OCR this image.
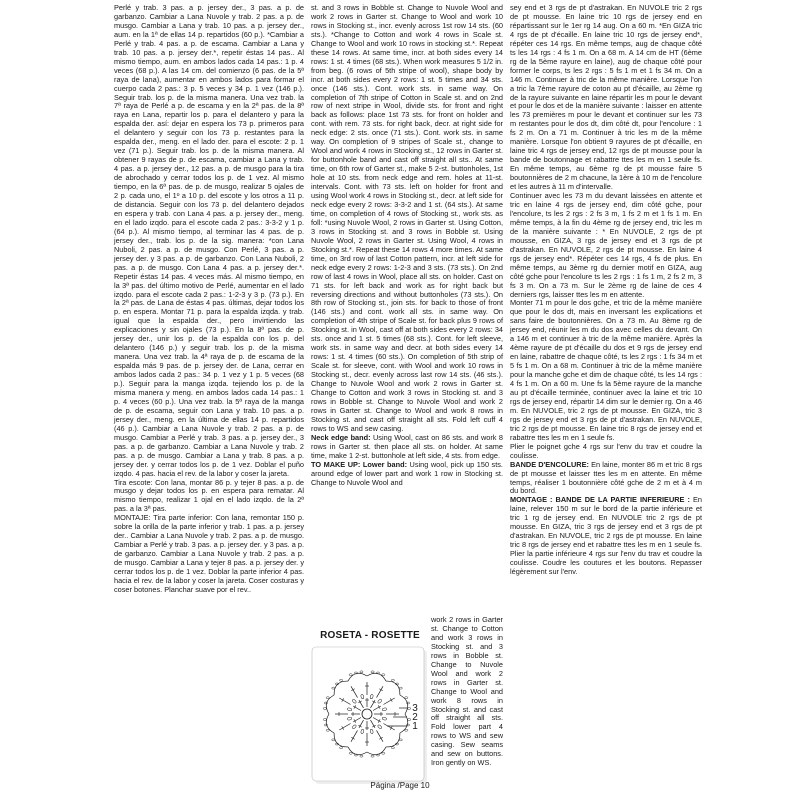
Perlé y trab. 3 pas. a p. jersey der., 3 pas. a p. de garbanzo. Cambiar a Lana Nuvole y trab. 2 pas. a p. de musgo. Cambiar a Lana y trab. 10 pas. a p. jersey der., aum. en la 1ª de ellas 14 p. repartidos (60 p.). *Cambiar a Perlé y trab. 4 pas. a p. de escama. Cambiar a Lana y trab. 10 pas. a p. jersey der.*, repetir éstas 14 pas.. Al mismo tiempo, aum. en ambos lados cada 14 pas.: 1 p. 4 veces (68 p.). A las 14 cm. del comienzo (6 pas. de la 5ª raya de lana), aumentar en ambos lados para formar el cuerpo cada 2 pas.: 3 p. 5 veces y 34 p. 1 vez (146 p.). Seguir trab. los p. de la misma manera. Una vez trab. la 7ª raya de Perlé a p. de escama y en la 2ª pas. de la 8ª raya en Lana, repartir los p. para el delantero y para la espalda der. así: dejar en espera los 73 p. primeros para el delantero y seguir con los 73 p. restantes para la espalda der., meng. en el lado der. para el escote: 2 p. 1 vez (71 p.). Seguir trab. los p. de la misma manera. Al obtener 9 rayas de p. de escama, cambiar a Lana y trab. 4 pas. a p. jersey der., 12 pas. a p. de musgo para la tira de abrochado y cerrar todos los p. de 1 vez. Al mismo tiempo, en la 6ª pas. de p. de musgo, realizar 5 ojales de 2 p. cada uno, el 1º a 10 p. del escote y los otros a 11 p. de distancia. Seguir con los 73 p. del delantero dejados en espera y trab. con Lana 4 pas. a p. jersey der., meng. en el lado izqdo. para el escote cada 2 pas.: 3-3-2 y 1 p. (64 p.). Al mismo tiempo, al terminar las 4 pas. de p. jersey der., trab. los p. de la sig. manera: *con Lana Nuboli, 2 pas. a p. de musgo. Con Perlé, 3 pas. a p. jersey der. y 3 pas. a p. de garbanzo. Con Lana Nuboli, 2 pas. a p. de musgo. Con Lana 4 pas. a p. jersey der.*. Repetir éstas 14 pas. 4 veces más. Al mismo tiempo, en la 3ª pas. del último motivo de Perlé, aumentar en el lado izqdo. para el escote cada 2 pas.: 1-2-3 y 3 p. (73 p.). En la 2ª pas. de Lana de éstas 4 pas. últimas, dejar todos los p. en espera. Montar 71 p. para la espalda izqda. y trab. igual que la espalda der., pero invirtiendo las explicaciones y sin ojales (73 p.). En la 8ª pas. de p. jersey der., unir los p. de la espalda con los p. del delantero (146 p.) y seguir trab. los p. de la misma manera. Una vez trab. la 4ª raya de p. de escama de la espalda más 9 pas. de p. jersey der. de Lana, cerrar en ambos lados cada 2 pas.: 34 p. 1 vez y 1 p. 5 veces (68 p.). Seguir para la manga izqda. tejiendo los p. de la misma manera y meng. en ambos lados cada 14 pas.: 1 p. 4 veces (60 p.). Una vez trab. la 5ª raya de la manga de p. de escama, seguir con Lana y trab. 10 pas. a p. jersey der., meng. en la última de ellas 14 p. repartidos (46 p.). Cambiar a Lana Nuvole y trab. 2 pas. a p. de musgo. Cambiar a Perlé y trab. 3 pas. a p. jersey der., 3 pas. a p. de garbanzo. Cambiar a Lana Nuvole y trab. 2 pas. a p. de musgo. Cambiar a Lana y trab. 8 pas. a p. jersey der. y cerrar todos los p. de 1 vez. Doblar el puño izqdo. 4 pas. hacia el rev. de la labor y coser la jareta.

Tira escote: Con lana, montar 86 p. y tejer 8 pas. a p. de musgo y dejar todos los p. en espera para rematar. Al mismo tiempo, realizar 1 ojal en el lado izqdo. de la 2ª pas. a la 3ª pas.

MONTAJE: Tira parte inferior: Con lana, remontar 150 p. sobre la orilla de la parte inferior y trab. 1 pas. a p. jersey der.. Cambiar a Lana Nuvole y trab. 2 pas. a p. de musgo. Cambiar a Perlé y trab. 3 pas. a p. jersey der. y 3 pas. a p. de garbanzo. Cambiar a Lana Nuvole y trab. 2 pas. a p. de musgo. Cambiar a Lana y tejer 8 pas. a p. jersey der. y cerrar todos los p. de 1 vez. Doblar la parte inferior 4 pas. hacia el rev. de la labor y coser la jareta. Coser costuras y coser botones. Planchar suave por el rev..

st. and 3 rows in Bobble st. Change to Nuvole Wool and work 2 rows in Garter st. Change to Wool and work 10 rows in Stocking st., incr. evenly across 1st row 14 sts. (60 sts.). *Change to Cotton and work 4 rows in Scale st. Change to Wool and work 10 rows in stocking st.*. Repeat these 14 rows. At same time, incr. at both sides every 14 rows: 1 st. 4 times (68 sts.). When work measures 5 1/2 in. from beg. (6 rows of 5th stripe of wool), shape body by incr. at both sides every 2 rows: 1 st. 5 times and 34 sts. once (146 sts.). Cont. work sts. in same way. On completion of 7th stripe of Cotton in Scale st. and on 2nd row of next stripe in Wool, divide sts. for front and right back as follows: place 1st 73 sts. for front on holder and cont. with rem. 73 sts. for right back, decr. at right side for neck edge: 2 sts. once (71 sts.). Cont. work sts. in same way. On completion of 9 stripes of Scale st., change to Wool and work 4 rows in Stocking st., 12 rows in Garter st. for buttonhole band and cast off straight all sts.. At same time, on 6th row of Garter st., make 5 2-st. buttonholes, 1st hole at 10 sts. from neck edge and rem. holes at 11-st. intervals. Cont. with 73 sts. left on holder for front and using Wool work 4 rows in Stocking st., decr. at left side for neck edge every 2 rows: 3-3-2 and 1 st. (64 sts.). At same time, on completion of 4 rows of Stocking st., work sts. as foll: *using Nuvole Wool, 2 rows in Garter st. Using Cotton, 3 rows in Stocking st. and 3 rows in Bobble st. Using Nuvole Wool, 2 rows in Garter st. Using Wool, 4 rows in Stocking st.*. Repeat these 14 rows 4 more times. At same time, on 3rd row of last Cotton pattern, incr. at left side for neck edge every 2 rows: 1-2-3 and 3 sts. (73 sts.). On 2nd row of last 4 rows in Wool, place all sts. on holder. Cast on 71 sts. for left back and work as for right back but reversing directions and without buttonholes (73 sts.). On 8th row of Stocking st., join sts. for back to those of front (146 sts.) and cont. work all sts. in same way. On completion of 4th stripe of Scale st. for back plus 9 rows of Stocking st. in Wool, cast off at both sides every 2 rows: 34 sts. once and 1 st. 5 times (68 sts.). Cont. for left sleeve, work sts. in same way and decr. at both sides every 14 rows: 1 st. 4 times (60 sts.). On completion of 5th strip of Scale st. for sleeve, cont. with Wool and work 10 rows in Stocking st., decr. evenly across last row 14 sts. (46 sts.). Change to Nuvole Wool and work 2 rows in Garter st. Change to Cotton and work 3 rows in Stocking st. and 3 rows in Bobble st. Change to Nuvole Wool and work 2 rows in Garter st. Change to Wool and work 8 rows in Stocking st. and cast off straight all sts. Fold left cuff 4 rows to WS and sew casing.

Neck edge band: Using Wool, cast on 86 sts. and work 8 rows in Garter st. then place all sts. on holder. At same time, make 1 2-st. buttonhole at left side, 4 sts. from edge.

TO MAKE UP: Lower band: Using wool, pick up 150 sts. around edge of lower part and work 1 row in Stocking st. Change to Nuvole Wool and

ROSETA - ROSETTE
3
2
1

work 2 rows in Garter st. Change to Cotton and work 3 rows in Stocking st. and 3 rows in Bobble st. Change to Nuvole Wool and work 2 rows in Garter st. Change to Wool and work 8 rows in Stocking st. and cast off straight all sts. Fold lower part 4 rows to WS and sew casing. Sew seams and sew on buttons. Iron gently on WS.

sey end et 3 rgs de pt d'astrakan. En NUVOLE tric 2 rgs de pt mousse. En laine tric 10 rgs de jersey end en répartissant sur le 1er rg 14 aug. On a 60 m. *En GIZA tric 4 rgs de pt d'écaille. En laine tric 10 rgs de jersey end*, répéter ces 14 rgs. En même temps, aug de chaque côté ts les 14 rgs : 4 fs 1 m. On a 68 m. A 14 cm de HT (6ème rg de la 5ème rayure en laine), aug de chaque côté pour former le corps, ts les 2 rgs : 5 fs 1 m et 1 fs 34 m. On a 146 m. Continuer à tric de la même manière. Lorsque l'on a tric la 7ème rayure de coton au pt d'écaille, au 2ème rg de la rayure suivante en laine répartir les m pour le devant et pour le dos et de la manière suivante : laisser en attente les 73 premières m pour le devant et continuer sur les 73 m restantes pour le dos dt, dim côté dt, pour l'encolure : 1 fs 2 m. On a 71 m. Continuer à tric les m de la même manière. Lorsque l'on obtient 9 rayures de pt d'écaille, en laine tric 4 rgs de jersey end, 12 rgs de pt mousse pour la bande de boutonnage et rabattre ttes les m en 1 seule fs. En même temps, au 6ème rg de pt mousse faire 5 boutonnières de 2 m chacune, la 1ère à 10 m de l'encolure et les autres à 11 m d'intervalle.

Continuer avec les 73 m du devant laissées en attente et tric en laine 4 rgs de jersey end, dim côté gche, pour l'encolure, ts les 2 rgs : 2 fs 3 m, 1 fs 2 m et 1 fs 1 m. En même temps, à la fin du 4ème rg de jersey end, tric les m de la manière suivante : * En NUVOLE, 2 rgs de pt mousse, en GIZA, 3 rgs de jersey end et 3 rgs de pt d'astrakan. En NUVOLE, 2 rgs de pt mousse. En laine 4 rgs de jersey end*. Répéter ces 14 rgs, 4 fs de plus. En même temps, au 3ème rg du dernier motif en GIZA, aug côté gche pour l'encolure ts les 2 rgs : 1 fs 1 m, 2 fs 2 m, 3 fs 3 m. On a 73 m. Sur le 2ème rg de laine de ces 4 derniers rgs, laisser ttes les m en attente.

Monter 71 m pour le dos gche, et tric de la même manière que pour le dos dt, mais en inversant les explications et sans faire de boutonnières. On a 73 m. Au 8ème rg de jersey end, réunir les m du dos avec celles du devant. On a 146 m et continuer à tric de la même manière. Après la 4ème rayure de pt d'écaille du dos et 9 rgs de jersey end en laine, rabattre de chaque côté, ts les 2 rgs : 1 fs 34 m et 5 fs 1 m. On a 68 m. Continuer à tric de la même manière pour la manche gche et dim de chaque côté, ts les 14 rgs : 4 fs 1 m. On a 60 m. Une fs la 5ème rayure de la manche au pt d'écaille terminée, continuer avec la laine et tric 10 rgs de jersey end, répartir 14 dim sur le dernier rg. On a 46 m. En NUVOLE, tric 2 rgs de pt mousse. En GIZA, tric 3 rgs de jersey end et 3 rgs de pt d'astrakan. En NUVOLE, tric 2 rgs de pt mousse. En laine tric 8 rgs de jersey end et rabattre ttes les m en 1 seule fs.

Plier le poignet gche 4 rgs sur l'env du trav et coudre la coulisse.

BANDE D'ENCOLURE: En laine, monter 86 m et tric 8 rgs de pt mousse et laisser ttes les m en attente. En même temps, réaliser 1 boutonnière côté gche de 2 m et à 4 m du bord.

MONTAGE : BANDE DE LA PARTIE INFERIEURE : En laine, relever 150 m sur le bord de la partie inférieure et tric 1 rg de jersey end. En NUVOLE tric 2 rgs de pt mousse. En GIZA, tric 3 rgs de jersey end et 3 rgs de pt d'astrakan. En NUVOLE, tric 2 rgs de pt mousse. En laine tric 8 rgs de jersey end et rabattre ttes les m en 1 seule fs. Plier la partie inférieure 4 rgs sur l'env du trav et coudre la coulisse. Coudre les coutures et les boutons. Repasser légèrement sur l'env.

Página /Page 10
